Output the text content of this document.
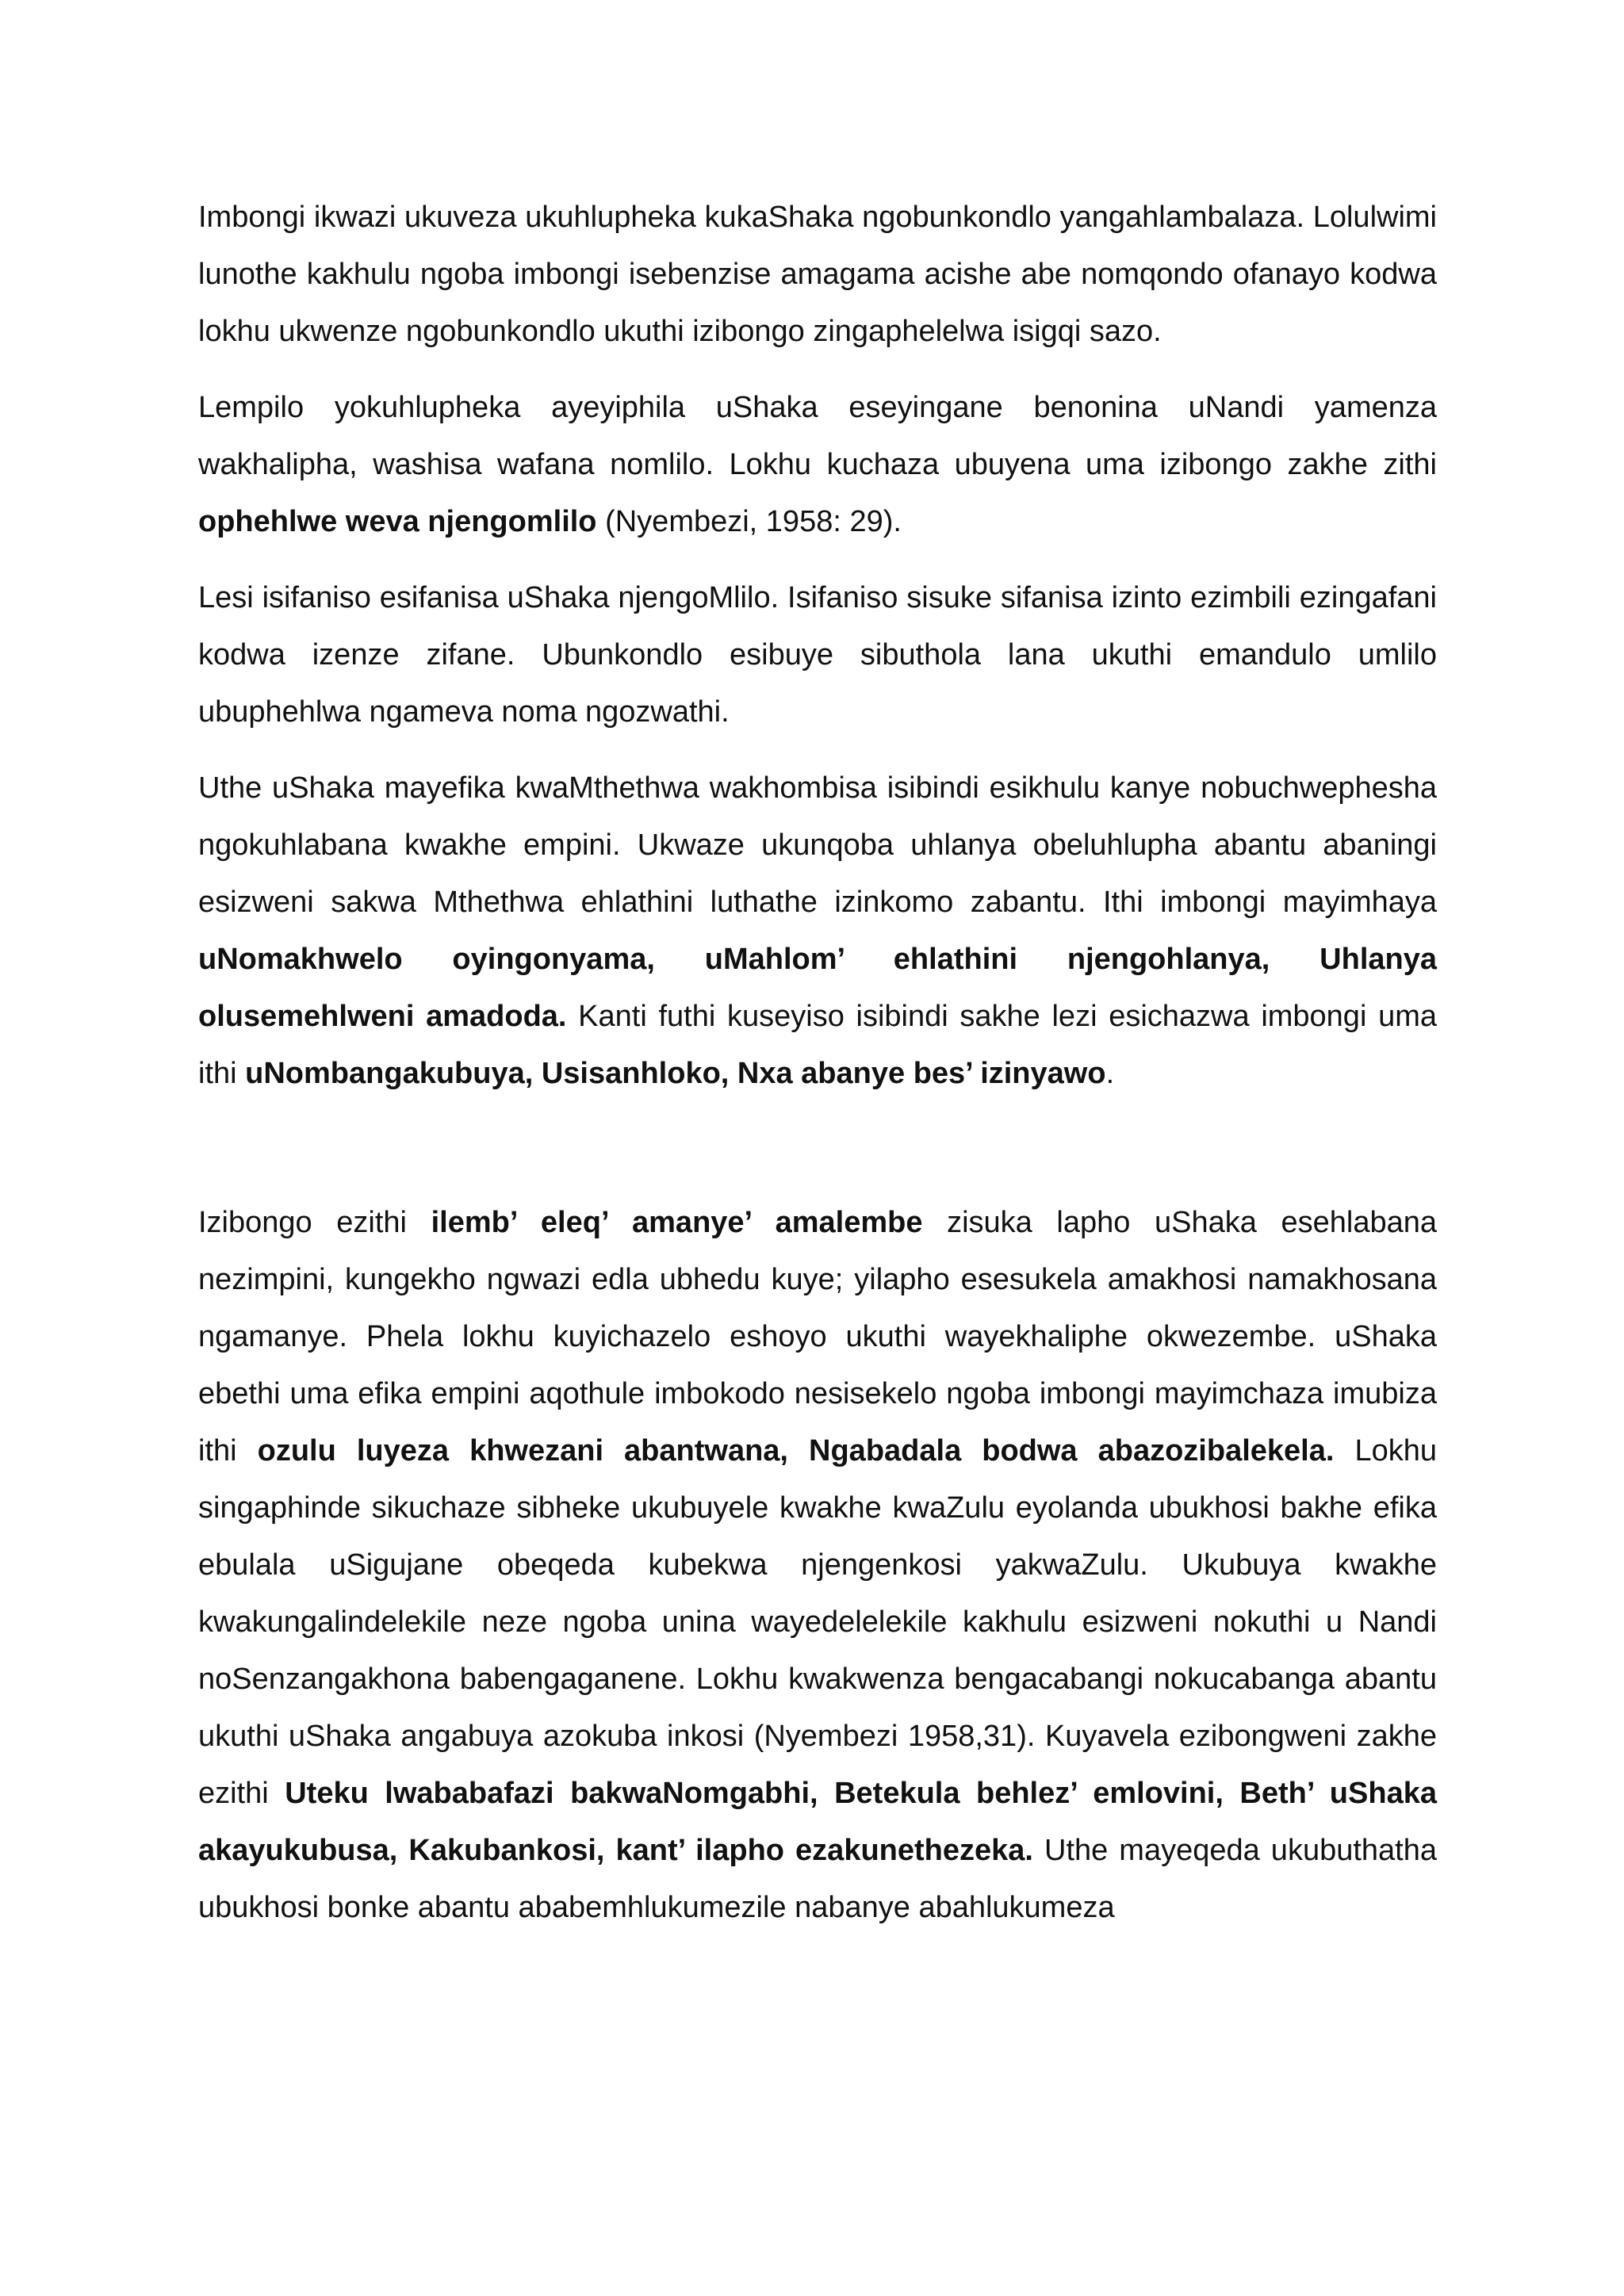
Imbongi ikwazi ukuveza ukuhlupheka kukaShaka ngobunkondlo yangahlambalaza. Lolulwimi lunothe kakhulu ngoba imbongi isebenzise amagama acishe abe nomqondo ofanayo kodwa lokhu ukwenze ngobunkondlo ukuthi izibongo zingaphelelwa isigqi sazo.

Lempilo yokuhlupheka ayeyiphila uShaka eseyingane benonina uNandi yamenza wakhalipha, washisa wafana nomlilo. Lokhu kuchaza ubuyena uma izibongo zakhe zithi ophehlwe weva njengomlilo (Nyembezi, 1958: 29).

Lesi isifaniso esifanisa uShaka njengoMlilo. Isifaniso sisuke sifanisa izinto ezimbili ezingafani kodwa izenze zifane. Ubunkondlo esibuye sibuthola lana ukuthi emandulo umlilo ubuphehlwa ngameva noma ngozwathi.

Uthe uShaka mayefika kwaMthethwa wakhombisa isibindi esikhulu kanye nobuchwephesha ngokuhlabana kwakhe empini. Ukwaze ukunqoba uhlanya obeluhlupha abantu abaningi esizweni sakwa Mthethwa ehlathini luthathe izinkomo zabantu. Ithi imbongi mayimhaya uNomakhwelo oyingonyama, uMahlom’ ehlathini njengohlanya, Uhlanya olusemehlweni amadoda. Kanti futhi kuseyiso isibindi sakhe lezi esichazwa imbongi uma ithi uNombangakubuya, Usisanhloko, Nxa abanye bes’ izinyawo.

Izibongo ezithi ilemb’ eleq’ amanye’ amalembe zisuka lapho uShaka esehlabana nezimpini, kungekho ngwazi edla ubhedu kuye; yilapho esesukela amakhosi namakhosana ngamanye. Phela lokhu kuyichazelo eshoyo ukuthi wayekhaliphe okwezembe. uShaka ebethi uma efika empini aqothule imbokodo nesisekelo ngoba imbongi mayimchaza imubiza ithi ozulu luyeza khwezani abantwana, Ngabadala bodwa abazozibalekela. Lokhu singaphinde sikuchaze sibheke ukubuyele kwakhe kwaZulu eyolanda ubukhosi bakhe efika ebulala uSigujane obeqeda kubekwa njengenkosi yakwaZulu. Ukubuya kwakhe kwakungalindelekile neze ngoba unina wayedelelekile kakhulu esizweni nokuthi u Nandi noSenzangakhona babengaganene. Lokhu kwakwenza bengacabangi nokucabanga abantu ukuthi uShaka angabuya azokuba inkosi (Nyembezi 1958,31). Kuyavela ezibongweni zakhe ezithi Uteku lwababafazi bakwaNomgabhi, Betekula behlez’ emlovini, Beth’ uShaka akayukubusa, Kakubankosi, kant’ ilapho ezakunethezeka. Uthe mayeqeda ukubuthatha ubukhosi bonke abantu ababemhlukumezile nabanye abahlukumeza
